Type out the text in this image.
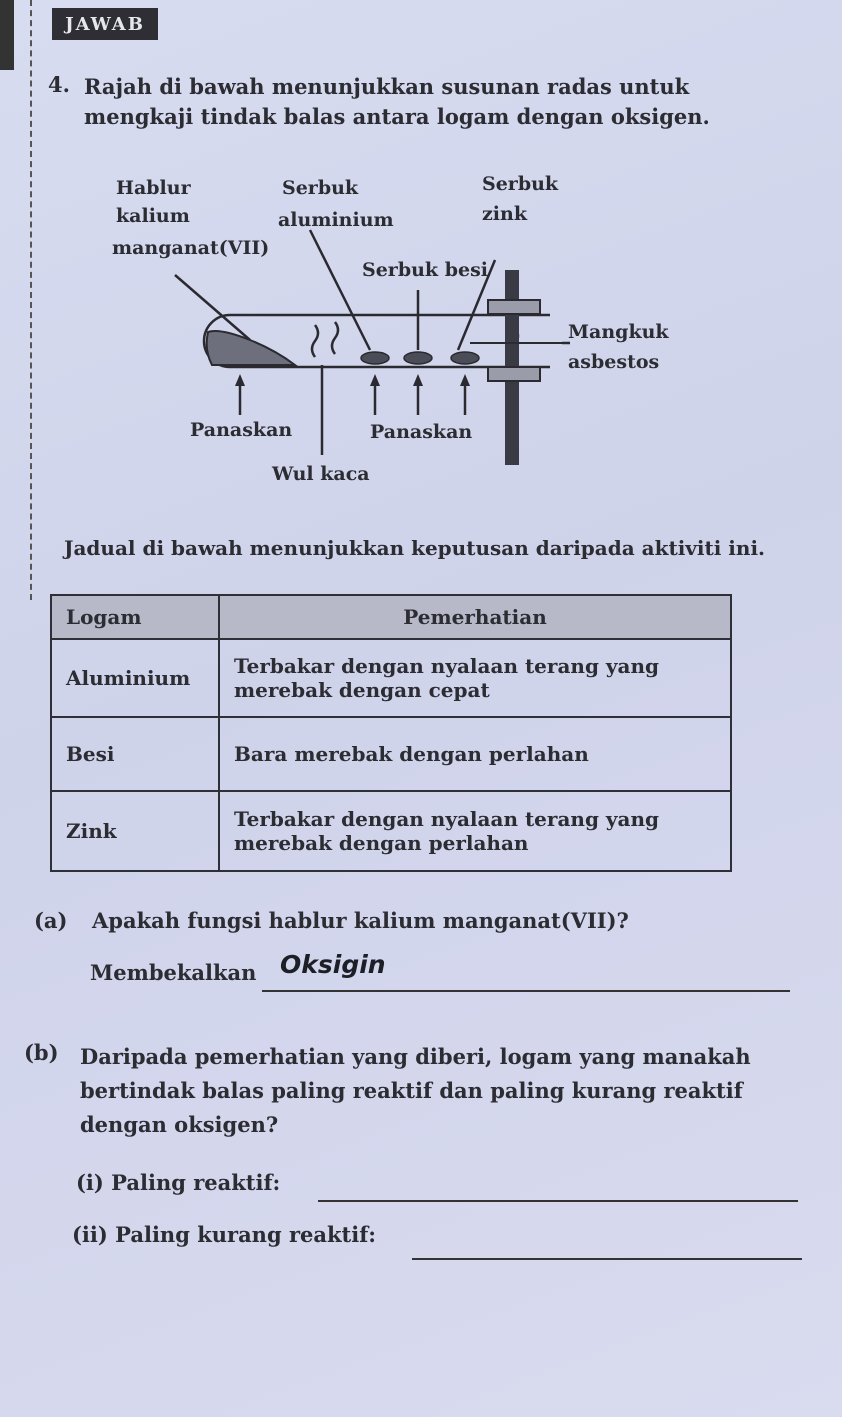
JAWAB
4. Rajah di bawah menunjukkan susunan radas untuk mengkaji tindak balas antara logam dengan oksigen.
Hablur
kalium
manganat(VII)
Serbuk
aluminium
Serbuk
zink
Serbuk besi
Mangkuk
asbestos
Panaskan	Panaskan
Wul kaca
Jadual di bawah menunjukkan keputusan daripada aktiviti ini.
Logam	Pemerhatian
Aluminium	Terbakar dengan nyalaan terang yang merebak dengan cepat
Besi	Bara merebak dengan perlahan
Zink	Terbakar dengan nyalaan terang yang merebak dengan perlahan
(a) Apakah fungsi hablur kalium manganat(VII)?
Membekalkan Oksigin
(b) Daripada pemerhatian yang diberi, logam yang manakah bertindak balas paling reaktif dan paling kurang reaktif dengan oksigen?
(i) Paling reaktif:
(ii) Paling kurang reaktif:
